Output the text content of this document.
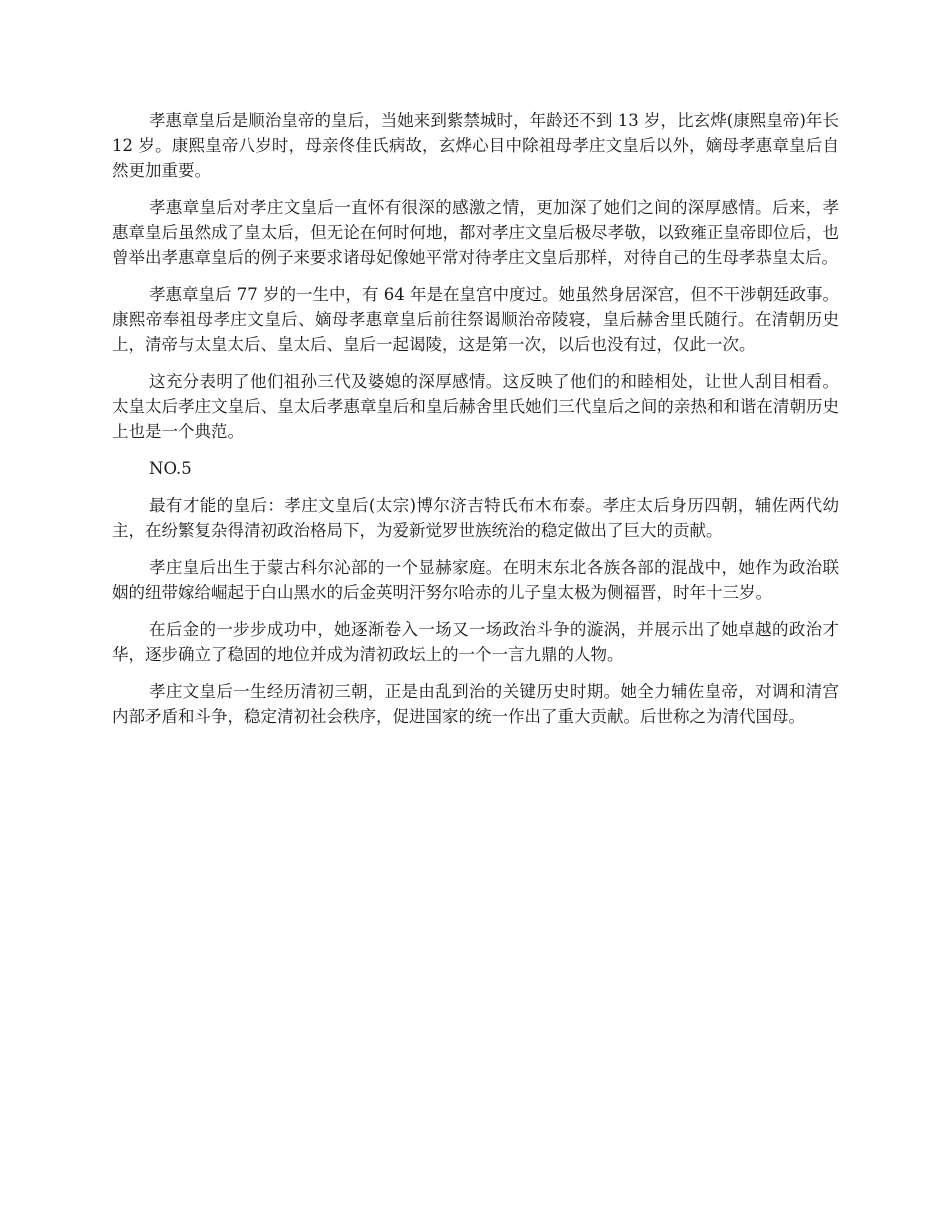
孝惠章皇后是顺治皇帝的皇后，当她来到紫禁城时，年龄还不到 13 岁，比玄烨(康熙皇帝)年长 12 岁。康熙皇帝八岁时，母亲佟佳氏病故，玄烨心目中除祖母孝庄文皇后以外，嫡母孝惠章皇后自然更加重要。

孝惠章皇后对孝庄文皇后一直怀有很深的感激之情，更加深了她们之间的深厚感情。后来，孝惠章皇后虽然成了皇太后，但无论在何时何地，都对孝庄文皇后极尽孝敬，以致雍正皇帝即位后，也曾举出孝惠章皇后的例子来要求诸母妃像她平常对待孝庄文皇后那样，对待自己的生母孝恭皇太后。

孝惠章皇后 77 岁的一生中，有 64 年是在皇宫中度过。她虽然身居深宫，但不干涉朝廷政事。康熙帝奉祖母孝庄文皇后、嫡母孝惠章皇后前往祭谒顺治帝陵寝，皇后赫舍里氏随行。在清朝历史上，清帝与太皇太后、皇太后、皇后一起谒陵，这是第一次，以后也没有过，仅此一次。

这充分表明了他们祖孙三代及婆媳的深厚感情。这反映了他们的和睦相处，让世人刮目相看。太皇太后孝庄文皇后、皇太后孝惠章皇后和皇后赫舍里氏她们三代皇后之间的亲热和和谐在清朝历史上也是一个典范。

NO.5

最有才能的皇后：孝庄文皇后(太宗)博尔济吉特氏布木布泰。孝庄太后身历四朝，辅佐两代幼主，在纷繁复杂得清初政治格局下，为爱新觉罗世族统治的稳定做出了巨大的贡献。

孝庄皇后出生于蒙古科尔沁部的一个显赫家庭。在明末东北各族各部的混战中，她作为政治联姻的纽带嫁给崛起于白山黑水的后金英明汗努尔哈赤的儿子皇太极为侧福晋，时年十三岁。

在后金的一步步成功中，她逐渐卷入一场又一场政治斗争的漩涡，并展示出了她卓越的政治才华，逐步确立了稳固的地位并成为清初政坛上的一个一言九鼎的人物。

孝庄文皇后一生经历清初三朝，正是由乱到治的关键历史时期。她全力辅佐皇帝，对调和清宫内部矛盾和斗争，稳定清初社会秩序，促进国家的统一作出了重大贡献。后世称之为清代国母。
